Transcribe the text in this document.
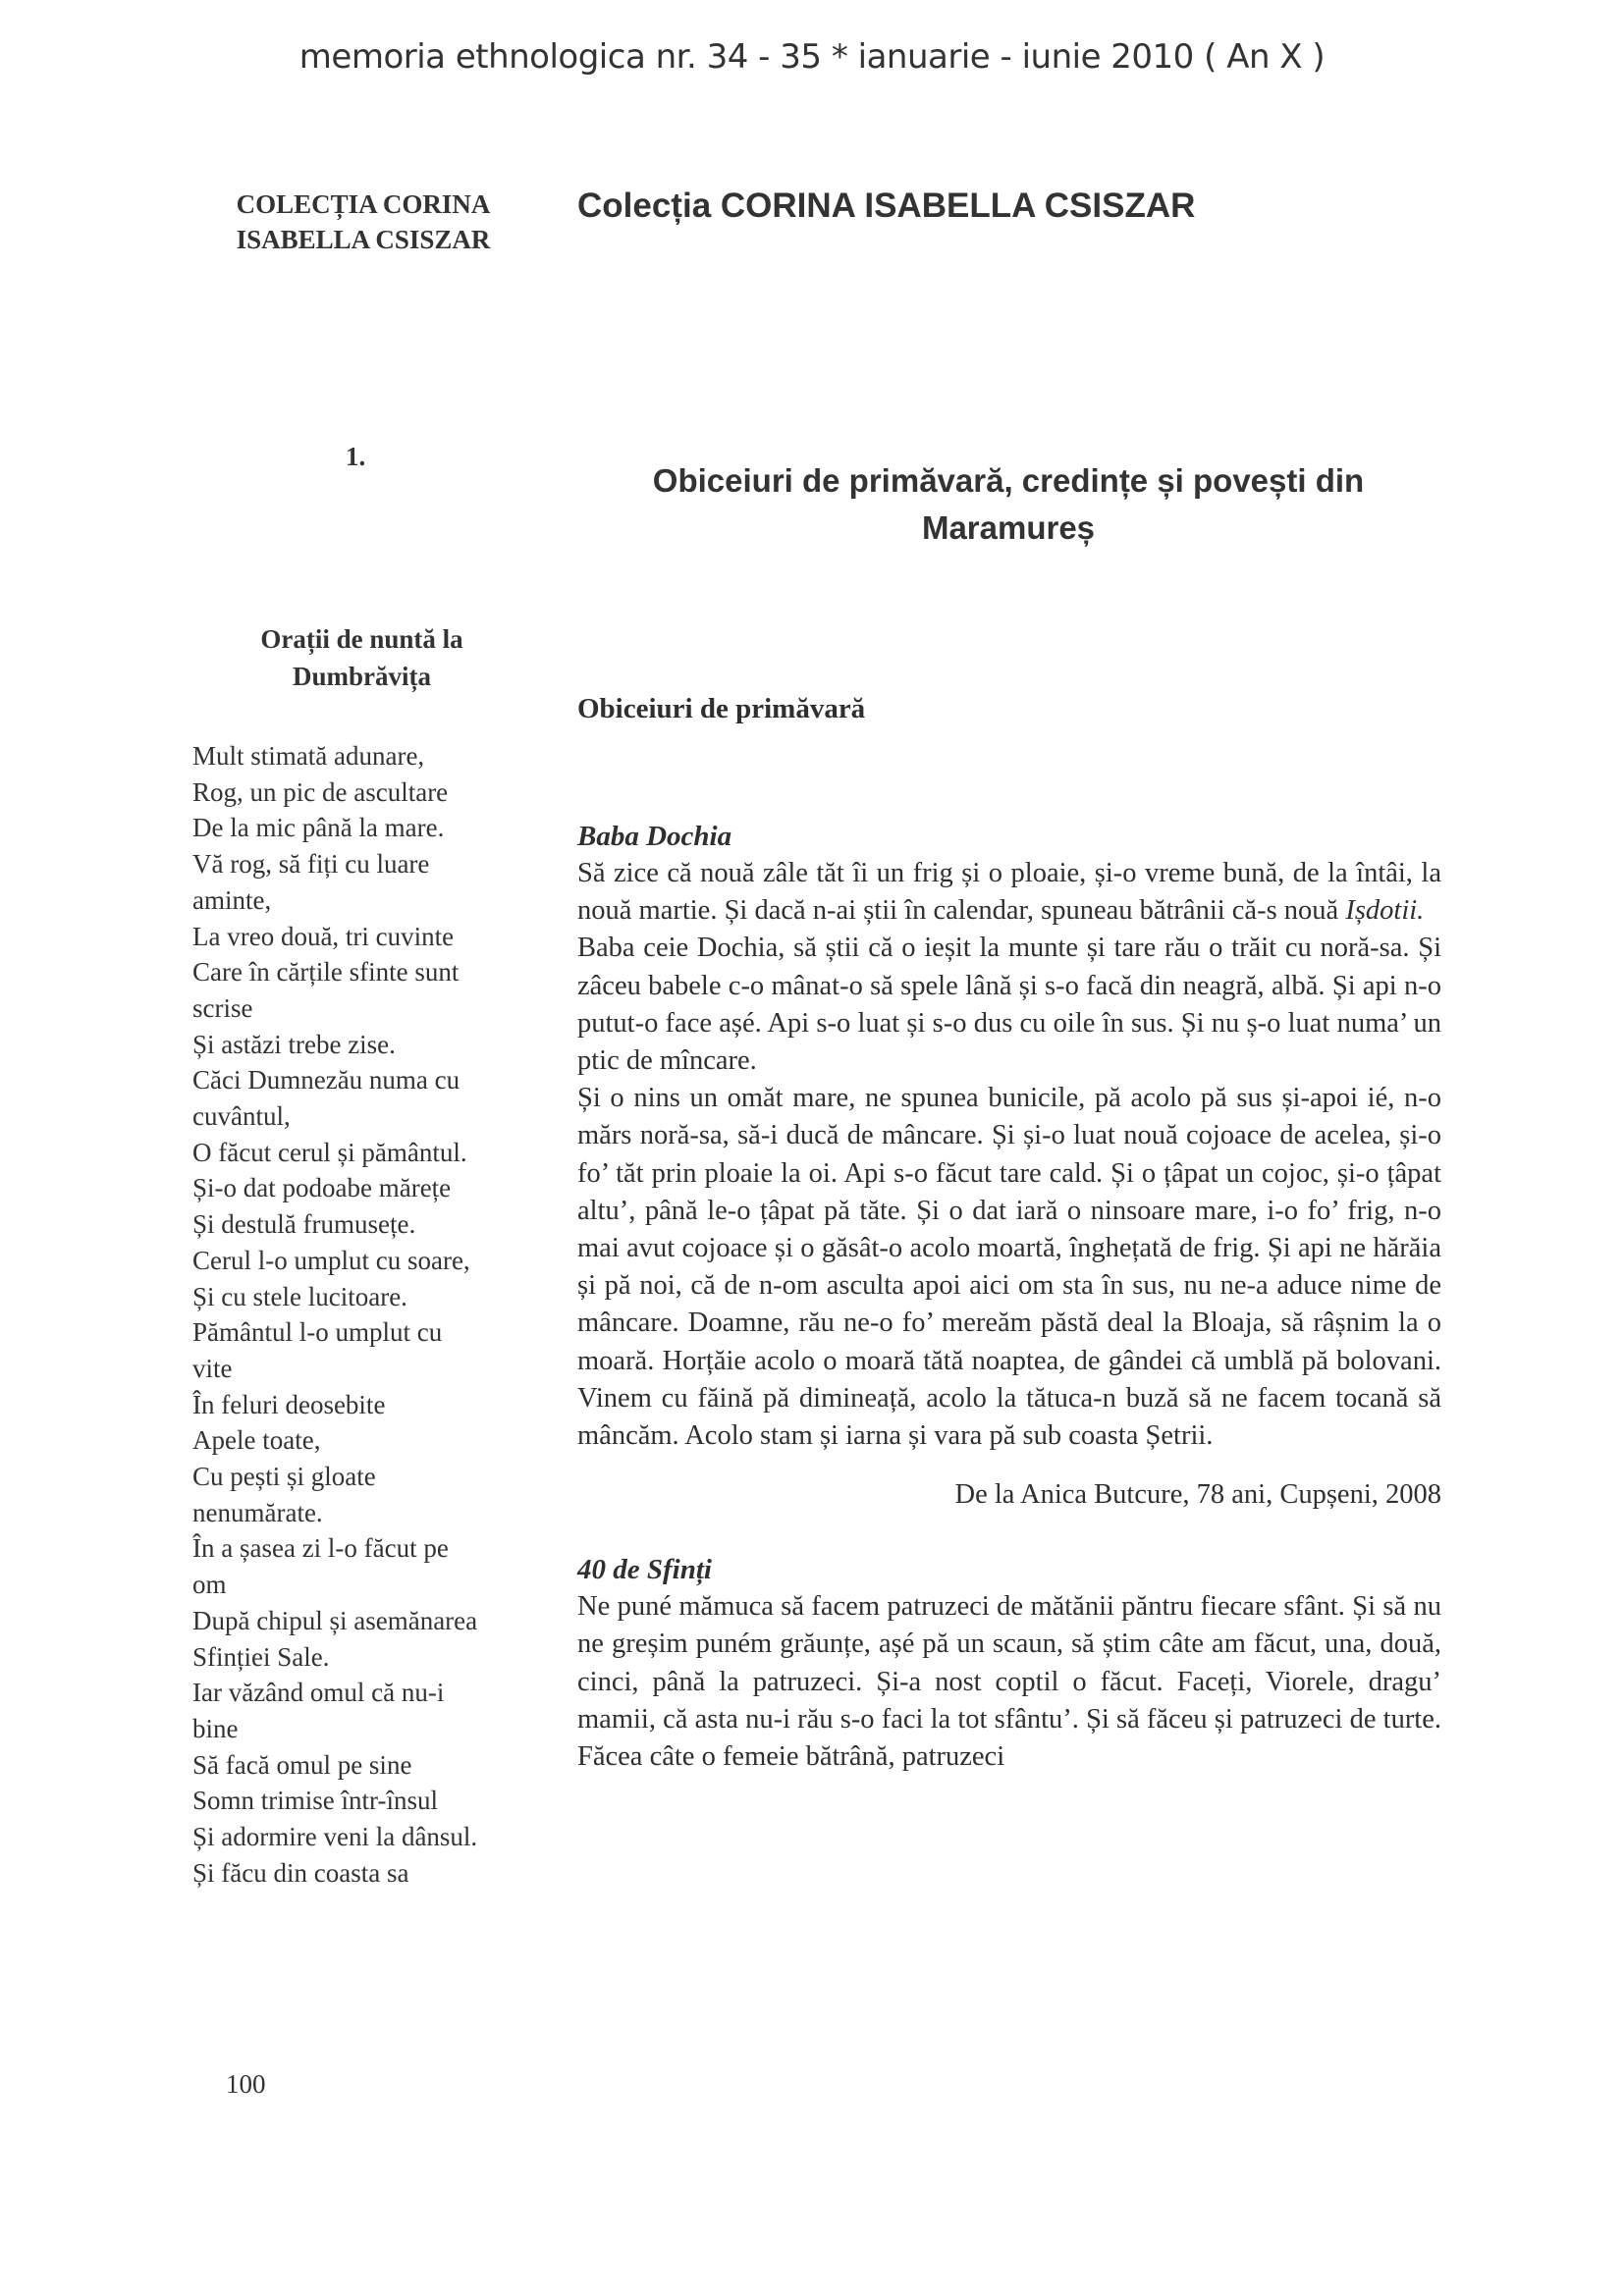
memoria ethnologica nr. 34 - 35 * ianuarie - iunie 2010 ( An X )
COLECȚIA CORINA
ISABELLA CSISZAR
Colecția CORINA ISABELLA CSISZAR
1.
Obiceiuri de primăvară, credințe și povești din
Maramureș
Orații de nuntă la
Dumbrăvița
Mult stimată adunare,
Rog, un pic de ascultare
De la mic până la mare.
Vă rog, să fiți cu luare
aminte,
La vreo două, tri cuvinte
Care în cărțile sfinte sunt
scrise
Și astăzi trebe zise.
Căci Dumnezău numa cu
cuvântul,
O făcut cerul și pământul.
Și-o dat podoabe mărețe
Și destulă frumusețe.
Cerul l-o umplut cu soare,
Și cu stele lucitoare.
Pământul l-o umplut cu
vite
În feluri deosebite
Apele toate,
Cu pești și gloate
nenumărate.
În a șasea zi l-o făcut pe
om
După chipul și asemănarea
Sfinției Sale.
Iar văzând omul că nu-i
bine
Să facă omul pe sine
Somn trimise într-însul
Și adormire veni la dânsul.
Și făcu din coasta sa
Obiceiuri de primăvară
Baba Dochia

Să zice că nouă zâle tăt îi un frig și o ploaie, și-o vreme bună, de la întâi, la nouă martie. Și dacă n-ai știi în calendar, spuneau bătrânii că-s nouă Ișdotii.

Baba ceie Dochia, să știi că o ieșit la munte și tare rău o trăit cu noră-sa. Și zâceu babele c-o mânat-o să spele lână și s-o facă din neagră, albă. Și api n-o putut-o face așé. Api s-o luat și s-o dus cu oile în sus. Și nu ș-o luat numa’ un ptic de mîncare.

Și o nins un omăt mare, ne spunea bunicile, pă acolo pă sus și-apoi ié, n-o mărs noră-sa, să-i ducă de mâncare. Și și-o luat nouă cojoace de acelea, și-o fo’ tăt prin ploaie la oi. Api s-o făcut tare cald. Și o țâpat un cojoc, și-o țâpat altu’, până le-o țâpat pă tăte. Și o dat iară o ninsoare mare, i-o fo’ frig, n-o mai avut cojoace și o găsât-o acolo moartă, înghețată de frig. Și api ne hărăia și pă noi, că de n-om asculta apoi aici om sta în sus, nu ne-a aduce nime de mâncare. Doamne, rău ne-o fo’ mereăm păstă deal la Bloaja, să râșnim la o moară. Horțăie acolo o moară tătă noaptea, de gândei că umblă pă bolovani. Vinem cu făină pă dimineață, acolo la tătuca-n buză să ne facem tocană să mâncăm. Acolo stam și iarna și vara pă sub coasta Șetrii.

De la Anica Butcure, 78 ani, Cupșeni, 2008
40 de Sfinți

Ne puné mămuca să facem patruzeci de mătănii păntru fiecare sfânt. Și să nu ne greșim puném grăunțe, așé pă un scaun, să știm câte am făcut, una, două, cinci, până la patruzeci. Și-a nost coptil o făcut. Faceți, Viorele, dragu’ mamii, că asta nu-i rău s-o faci la tot sfântu’. Și să făceu și patruzeci de turte. Făcea câte o femeie bătrână, patruzeci

100
